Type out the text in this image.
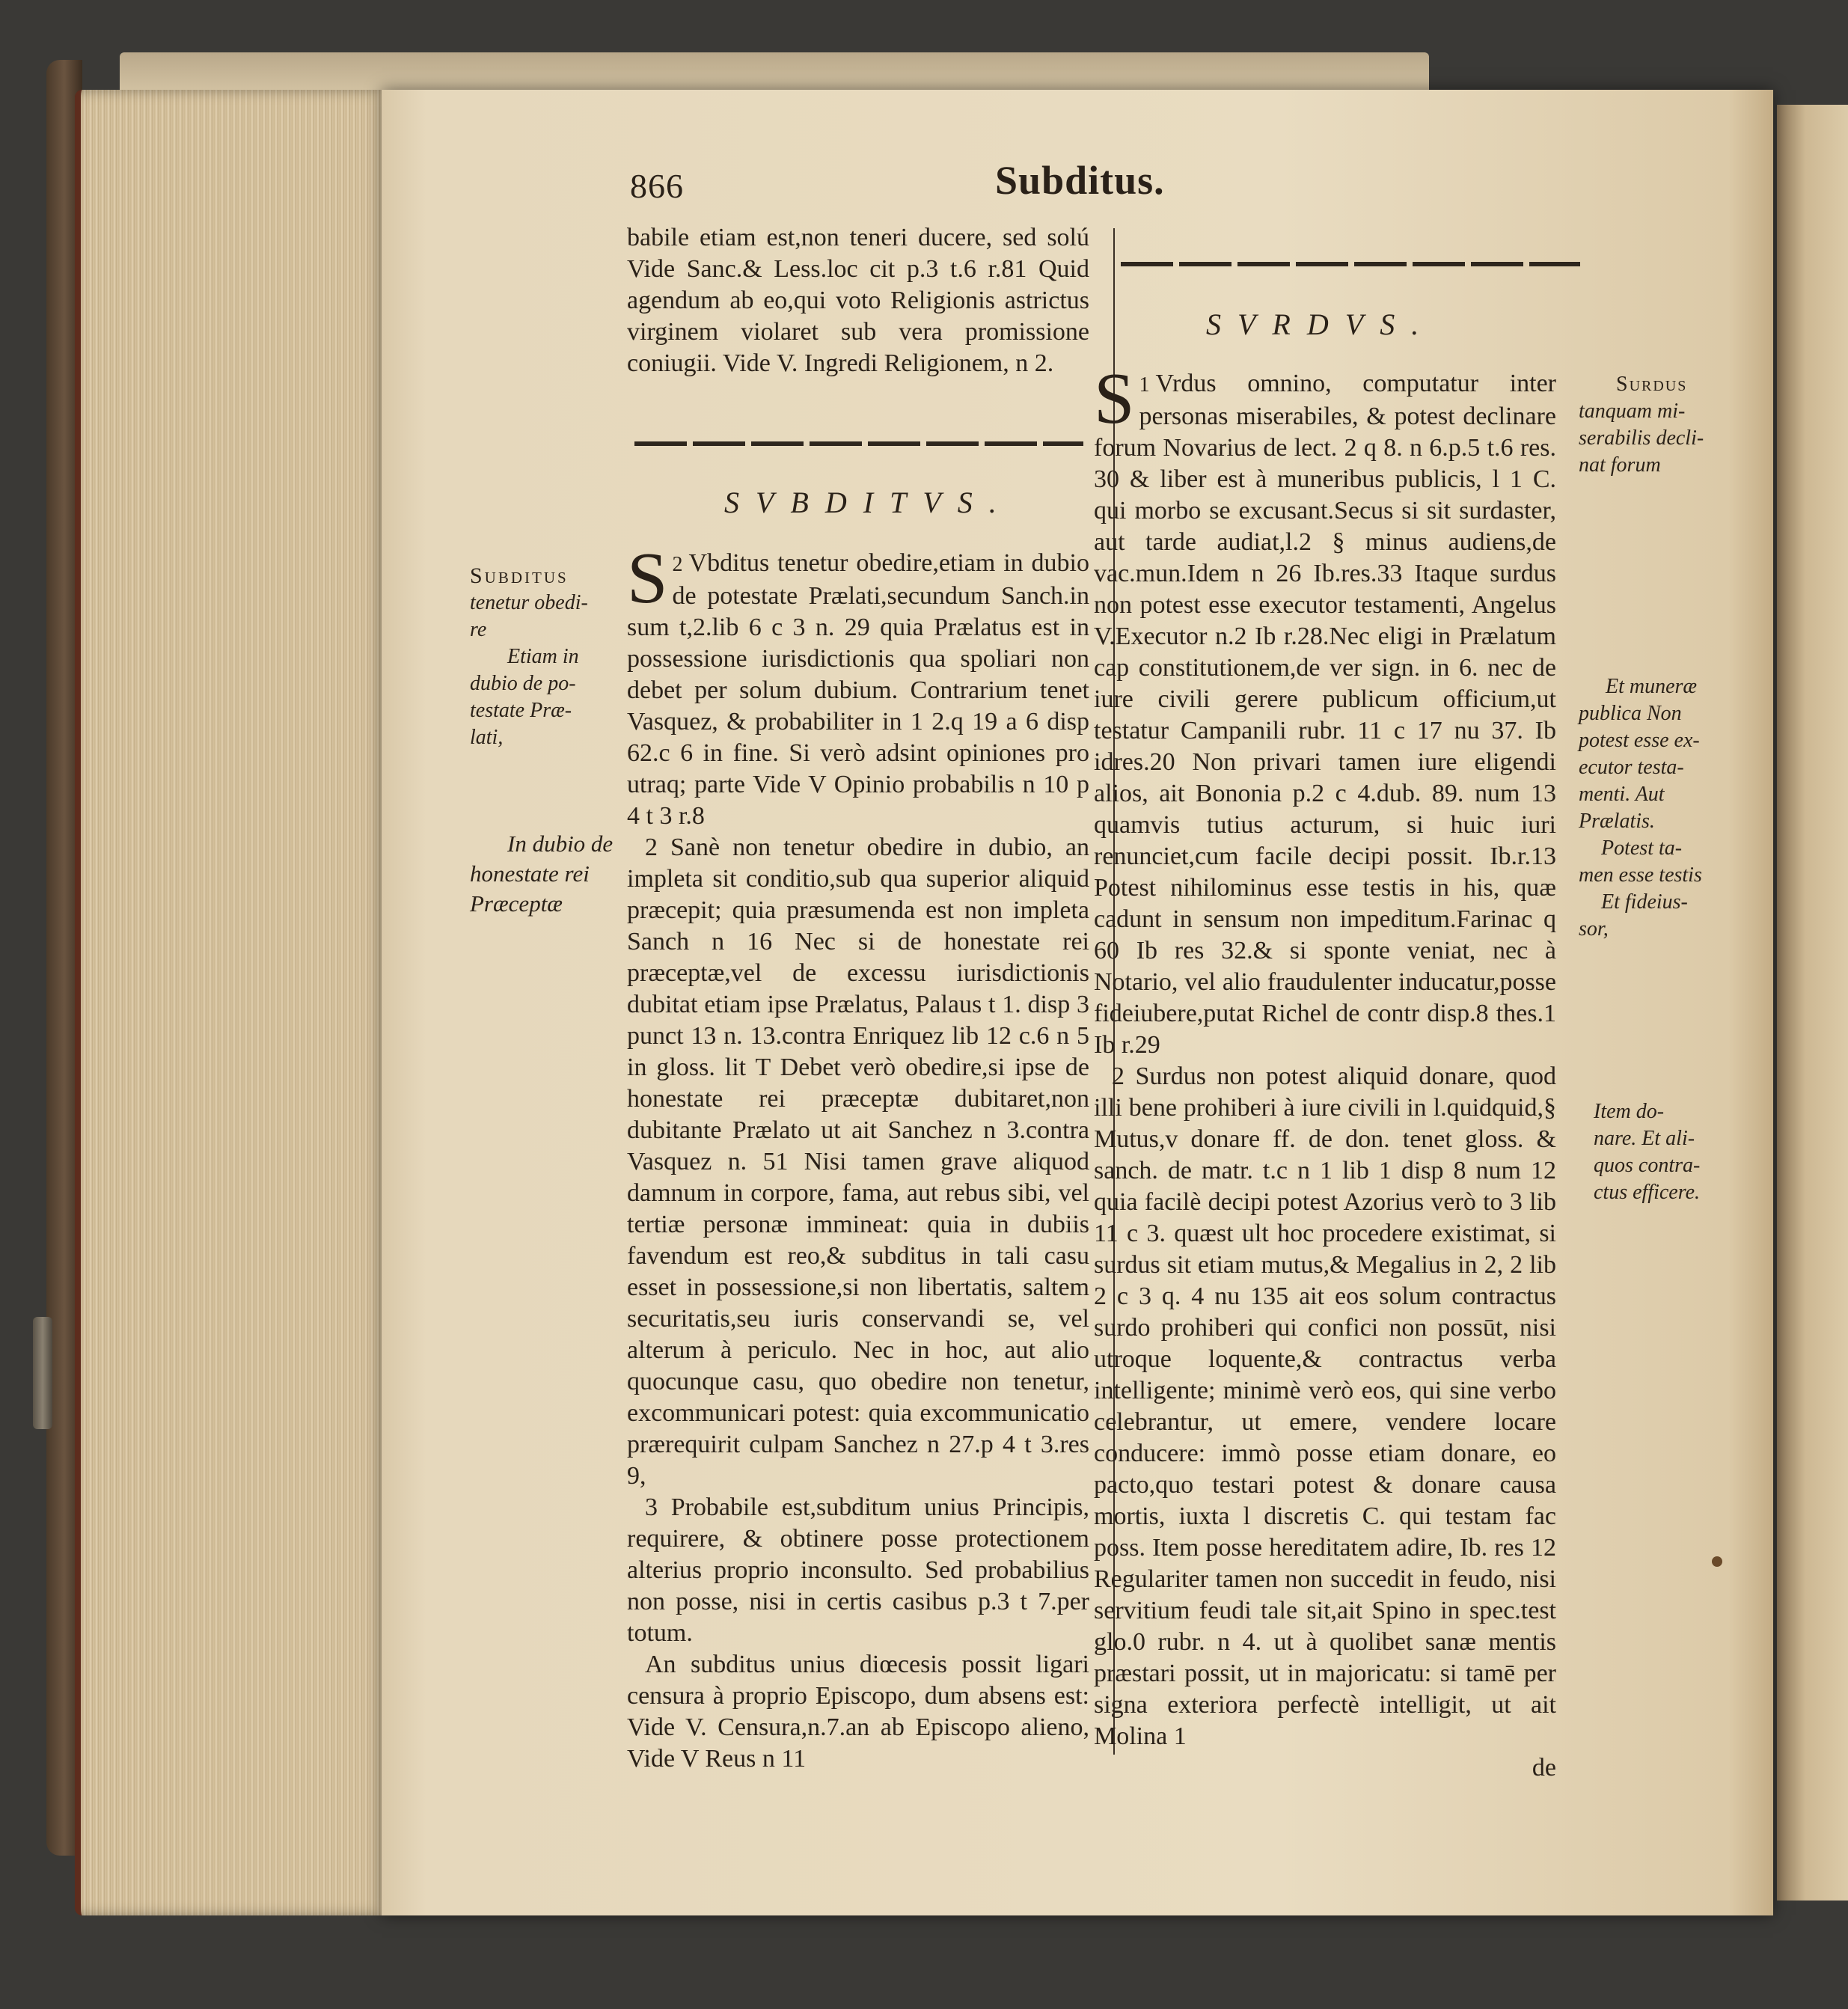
866	Subditus.

babile etiam est,non teneri ducere, sed solú Vide Sanc.& Less.loc cit p.3 t.6 r.81 Quid agendum ab eo,qui voto Religionis astrictus virginem violaret sub vera promissione coniugii. Vide V. Ingredi Religionem, n 2.

SVBDITVS.

2
S Vbditus tenetur obedire,etiam in dubio de potestate Prælati,secundum Sanch.in sum t,2.lib 6 c 3 n. 29 quia Prælatus est in possessione iurisdictionis qua spoliari non debet per solum dubium. Contrarium tenet Vasquez, & probabiliter in 1 2.q 19 a 6 disp 62.c 6 in fine. Si verò adsint opiniones pro utraq; parte Vide V Opinio probabilis n 10 p 4 t 3 r.8

2 Sanè non tenetur obedire in dubio, an impleta sit conditio,sub qua superior aliquid præcepit; quia præsumenda est non impleta Sanch n 16 Nec si de honestate rei præceptæ,vel de excessu iurisdictionis dubitat etiam ipse Prælatus, Palaus t 1. disp 3 punct 13 n. 13.contra Enriquez lib 12 c.6 n 5 in gloss. lit T Debet verò obedire,si ipse de honestate rei præceptæ dubitaret,non dubitante Prælato ut ait Sanchez n 3.contra Vasquez n. 51 Nisi tamen grave aliquod damnum in corpore, fama, aut rebus sibi, vel tertiæ personæ immineat: quia in dubiis favendum est reo,& subditus in tali casu esset in possessione,si non libertatis, saltem securitatis,seu iuris conservandi se, vel alterum à periculo. Nec in hoc, aut alio quocunque casu, quo obedire non tenetur, excommunicari potest: quia excommunicatio prærequirit culpam Sanchez n 27.p 4 t 3.res 9,

3 Probabile est,subditum unius Principis, requirere, & obtinere posse protectionem alterius proprio inconsulto. Sed probabilius non posse, nisi in certis casibus p.3 t 7.per totum.

An subditus unius diœcesis possit ligari censura à proprio Episcopo, dum absens est: Vide V. Censura,n.7.an ab Episcopo alieno, Vide V Reus n 11

Subditus
tenetur obedi-
re
Etiam in
dubio de po-
testate Præ-
lati,
In dubio de
honestate rei
Præceptæ
SVRDVS.

1
S Vrdus omnino, computatur inter personas miserabiles, & potest declinare forum Novarius de lect. 2 q 8. n 6.p.5 t.6 res. 30 & liber est à muneribus publicis, l 1 C. qui morbo se excusant.Secus si sit surdaster, aut tarde audiat,l.2 § minus audiens,de vac.mun.Idem n 26 Ib.res.33 Itaque surdus non potest esse executor testamenti, Angelus V.Executor n.2 Ib r.28.Nec eligi in Prælatum cap constitutionem,de ver sign. in 6. nec de iure civili gerere publicum officium,ut testatur Campanili rubr. 11 c 17 nu 37. Ib idres.20 Non privari tamen iure eligendi alios, ait Bononia p.2 c 4.dub. 89. num 13 quamvis tutius acturum, si huic iuri renunciet,cum facile decipi possit. Ib.r.13 Potest nihilominus esse testis in his, quæ cadunt in sensum non impeditum.Farinac q 60 Ib res 32.& si sponte veniat, nec à Notario, vel alio fraudulenter inducatur,posse fideiubere,putat Richel de contr disp.8 thes.1 Ib r.29

2 Surdus non potest aliquid donare, quod illi bene prohiberi à iure civili in l.quidquid,§ Mutus,v donare ff. de don. tenet gloss. & sanch. de matr. t.c n 1 lib 1 disp 8 num 12 quia facilè decipi potest Azorius verò to 3 lib 11 c 3. quæst ult hoc procedere existimat, si surdus sit etiam mutus,& Megalius in 2, 2 lib 2 c 3 q. 4 nu 135 ait eos solum contractus surdo prohiberi qui confici non possūt, nisi utroque loquente,& contractus verba intelligente; minimè verò eos, qui sine verbo celebrantur, ut emere, vendere locare conducere: immò posse etiam donare, eo pacto,quo testari potest & donare causa mortis, iuxta l discretis C. qui testam fac poss. Item posse hereditatem adire, Ib. res 12 Regulariter tamen non succedit in feudo, nisi servitium feudi tale sit,ait Spino in spec.test glo.0 rubr. n 4. ut à quolibet sanæ mentis præstari possit, ut in majoricatu: si tamē per signa exteriora perfectè intelligit, ut ait Molina 1

de

Surdus
tanquam mi-
serabilis decli-
nat forum
Et muneræ
publica Non
potest esse ex-
ecutor testa-
menti. Aut
Prælatis.
Potest ta-
men esse testis
Et fideius-
sor,
Item do-
nare. Et ali-
quos contra-
ctus efficere.
